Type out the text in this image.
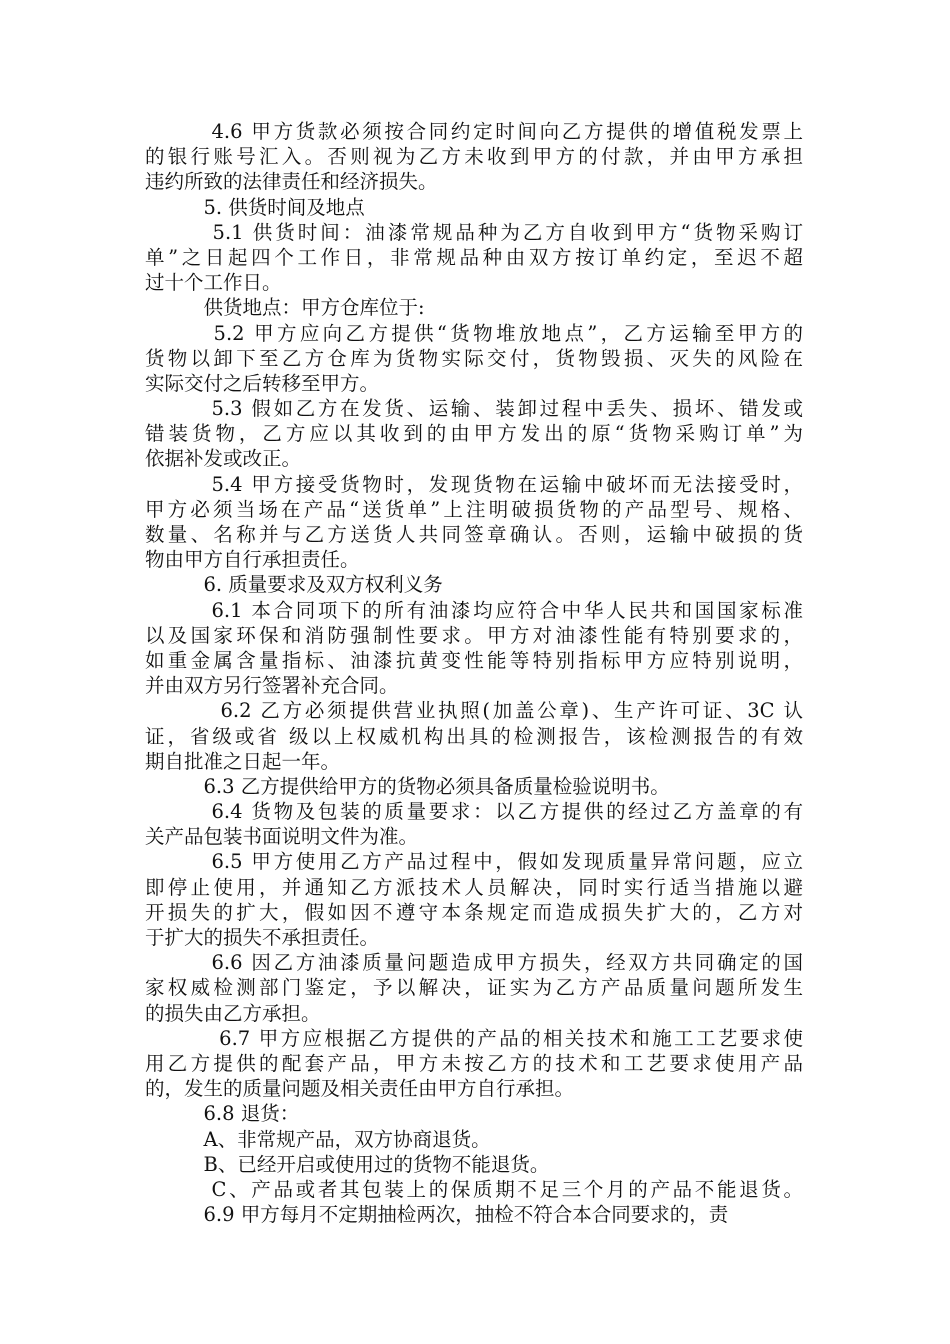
　　　4.6 甲方货款必须按合同约定时间向乙方提供的增值税发票上
的银行账号汇入。否则视为乙方未收到甲方的付款，并由甲方承担
违约所致的法律责任和经济损失。
　　　5. 供货时间及地点
　　　5.1 供货时间：油漆常规品种为乙方自收到甲方“货物采购订
单”之日起四个工作日，非常规品种由双方按订单约定，至迟不超
过十个工作日。
　　　供货地点：甲方仓库位于:
　　　5.2 甲方应向乙方提供“货物堆放地点”，乙方运输至甲方的
货物以卸下至乙方仓库为货物实际交付，货物毁损、灭失的风险在
实际交付之后转移至甲方。
　　　5.3 假如乙方在发货、运输、装卸过程中丢失、损坏、错发或
错装货物，乙方应以其收到的由甲方发出的原“货物采购订单”为
依据补发或改正。
　　　5.4 甲方接受货物时，发现货物在运输中破坏而无法接受时，
甲方必须当场在产品“送货单”上注明破损货物的产品型号、规格、
数量、名称并与乙方送货人共同签章确认。否则，运输中破损的货
物由甲方自行承担责任。
　　　6. 质量要求及双方权利义务
　　　6.1 本合同项下的所有油漆均应符合中华人民共和国国家标准
以及国家环保和消防强制性要求。甲方对油漆性能有特别要求的，
如重金属含量指标、油漆抗黄变性能等特别指标甲方应特别说明，
并由双方另行签署补充合同。
　　　 6.2 乙方必须提供营业执照(加盖公章)、生产许可证、3C 认
证，省级或省 级以上权威机构出具的检测报告，该检测报告的有效
期自批准之日起一年。
　　　6.3 乙方提供给甲方的货物必须具备质量检验说明书。
　　　6.4 货物及包装的质量要求：以乙方提供的经过乙方盖章的有
关产品包装书面说明文件为准。
　　　6.5 甲方使用乙方产品过程中，假如发现质量异常问题，应立
即停止使用，并通知乙方派技术人员解决，同时实行适当措施以避
开损失的扩大，假如因不遵守本条规定而造成损失扩大的，乙方对
于扩大的损失不承担责任。
　　　6.6 因乙方油漆质量问题造成甲方损失，经双方共同确定的国
家权威检测部门鉴定，予以解决，证实为乙方产品质量问题所发生
的损失由乙方承担。
　　　 6.7 甲方应根据乙方提供的产品的相关技术和施工工艺要求使
用乙方提供的配套产品，甲方未按乙方的技术和工艺要求使用产品
的，发生的质量问题及相关责任由甲方自行承担。
　　　6.8 退货：
　　　A、非常规产品，双方协商退货。
　　　B、已经开启或使用过的货物不能退货。
　　　C、产品或者其包装上的保质期不足三个月的产品不能退货。
　　　6.9 甲方每月不定期抽检两次，抽检不符合本合同要求的，责
